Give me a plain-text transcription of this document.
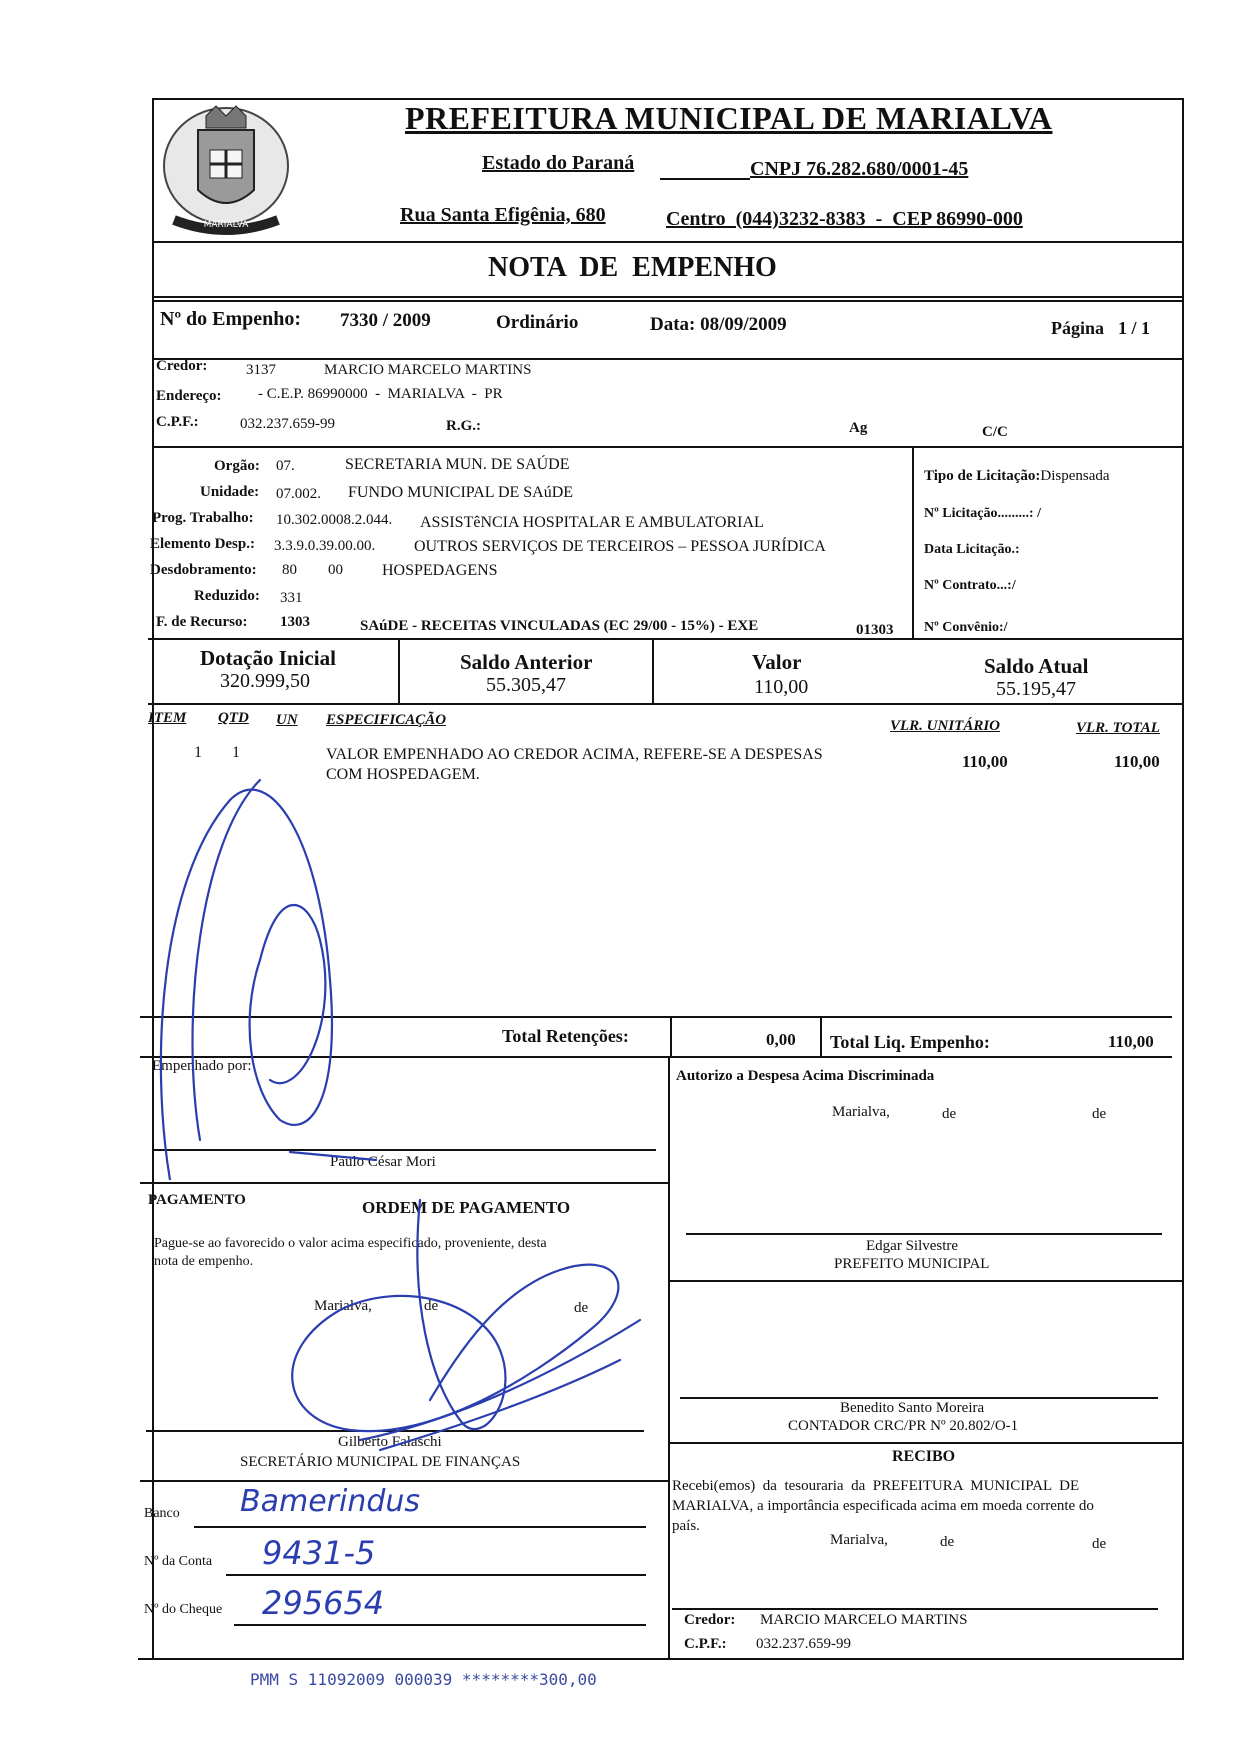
MARIALVA
PREFEITURA MUNICIPAL DE MARIALVA
Estado do Paraná	CNPJ 76.282.680/0001-45
Rua Santa Efigênia, 680	Centro  (044)3232-8383  -  CEP 86990-000
NOTA  DE  EMPENHO
Nº do Empenho: 7330 / 2009	Ordinário	Data: 08/09/2009	Página 1 / 1
Credor:	3137	MARCIO MARCELO MARTINS
Endereço: - C.E.P. 86990000  -  MARIALVA  -  PR
C.P.F.:	032.237.659-99	R.G.:	Ag	C/C
Orgão: 07.	SECRETARIA MUN. DE SAÚDE
Unidade: 07.002. FUNDO MUNICIPAL DE SAúDE
Prog. Trabalho: 10.302.0008.2.044. ASSISTêNCIA HOSPITALAR E AMBULATORIAL
Elemento Desp.: 3.3.9.0.39.00.00. OUTROS SERVIÇOS DE TERCEIROS – PESSOA JURÍDICA
Desdobramento: 80 00 HOSPEDAGENS
Reduzido: 331
F. de Recurso: 1303	SAúDE - RECEITAS VINCULADAS (EC 29/00 - 15%) - EXE	01303
Tipo de Licitação:Dispensada
Nº Licitação.........: /
Data Licitação.:
Nº Contrato...:/
Nº Convênio:/
Dotação Inicial
320.999,50
Saldo Anterior
55.305,47
Valor
110,00
Saldo Atual
55.195,47
ITEM QTD UN ESPECIFICAÇÃO	VLR. UNITÁRIO	VLR. TOTAL
1 1	VALOR EMPENHADO AO CREDOR ACIMA, REFERE-SE A DESPESAS
COM HOSPEDAGEM.
110,00	110,00
Total Retenções:	0,00 Total Liq. Empenho:	110,00
Empenhado por:
Paulo César Mori
PAGAMENTO	ORDEM DE PAGAMENTO
Pague-se ao favorecido o valor acima especificado, proveniente, desta
nota de empenho.
Marialva,	de	de
Gilberto Falaschi
SECRETÁRIO MUNICIPAL DE FINANÇAS
Banco Bamerindus
Nº da Conta 9431-5
Nº do Cheque 295654
Autorizo a Despesa Acima Discriminada
Marialva,	de	de
Edgar Silvestre
PREFEITO MUNICIPAL
Benedito Santo Moreira
CONTADOR CRC/PR Nº 20.802/O-1
RECIBO
Recebi(emos)  da  tesouraria  da  PREFEITURA  MUNICIPAL  DE
MARIALVA, a importância especificada acima em moeda corrente do
país.
Marialva,	de	de
Credor: MARCIO MARCELO MARTINS
C.P.F.: 032.237.659-99
PMM S 11092009 000039 ********300,00
